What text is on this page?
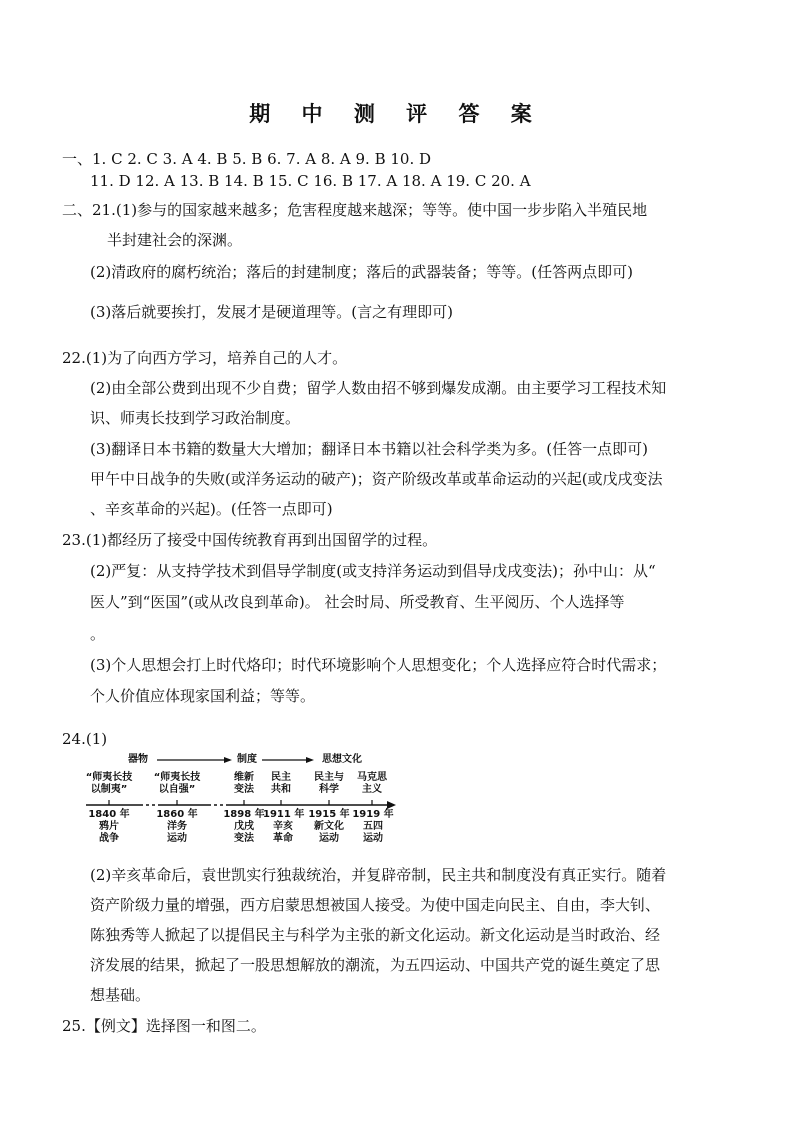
期 中 测 评 答 案
一、1. C 2. C 3. A 4. B 5. B 6. 7. A 8. A 9. B 10. D
11. D 12. A 13. B 14. B 15. C 16. B 17. A 18. A 19. C 20. A
二、21.(1)参与的国家越来越多；危害程度越来越深；等等。使中国一步步陷入半殖民地
半封建社会的深渊。
(2)清政府的腐朽统治；落后的封建制度；落后的武器装备；等等。(任答两点即可)
(3)落后就要挨打，发展才是硬道理等。(言之有理即可)
22.(1)为了向西方学习，培养自己的人才。
(2)由全部公费到出现不少自费；留学人数由招不够到爆发成潮。由主要学习工程技术知
识、师夷长技到学习政治制度。
(3)翻译日本书籍的数量大大增加；翻译日本书籍以社会科学类为多。(任答一点即可)
甲午中日战争的失败(或洋务运动的破产)；资产阶级改革或革命运动的兴起(或戊戌变法
、辛亥革命的兴起)。(任答一点即可)
23.(1)都经历了接受中国传统教育再到出国留学的过程。
(2)严复：从支持学技术到倡导学制度(或支持洋务运动到倡导戊戌变法)；孙中山：从“
医人”到“医国”(或从改良到革命)。 社会时局、所受教育、生平阅历、个人选择等
。
(3)个人思想会打上时代烙印；时代环境影响个人思想变化；个人选择应符合时代需求；
个人价值应体现家国利益；等等。
24.(1)
器物	制度	思想文化
“师夷长技
以制夷”
“师夷长技
以自强”
维新
变法
民主
共和
民主与
科学
马克思
主义
1840 年
鸦片
战争
1860 年
洋务
运动
1898 年
戊戌
变法
1911 年
辛亥
革命
1915 年
新文化
运动
1919 年
五四
运动
(2)辛亥革命后，袁世凯实行独裁统治，并复辟帝制，民主共和制度没有真正实行。随着
资产阶级力量的增强，西方启蒙思想被国人接受。为使中国走向民主、自由，李大钊、
陈独秀等人掀起了以提倡民主与科学为主张的新文化运动。新文化运动是当时政治、经
济发展的结果，掀起了一股思想解放的潮流，为五四运动、中国共产党的诞生奠定了思
想基础。
25.【例文】选择图一和图二。
